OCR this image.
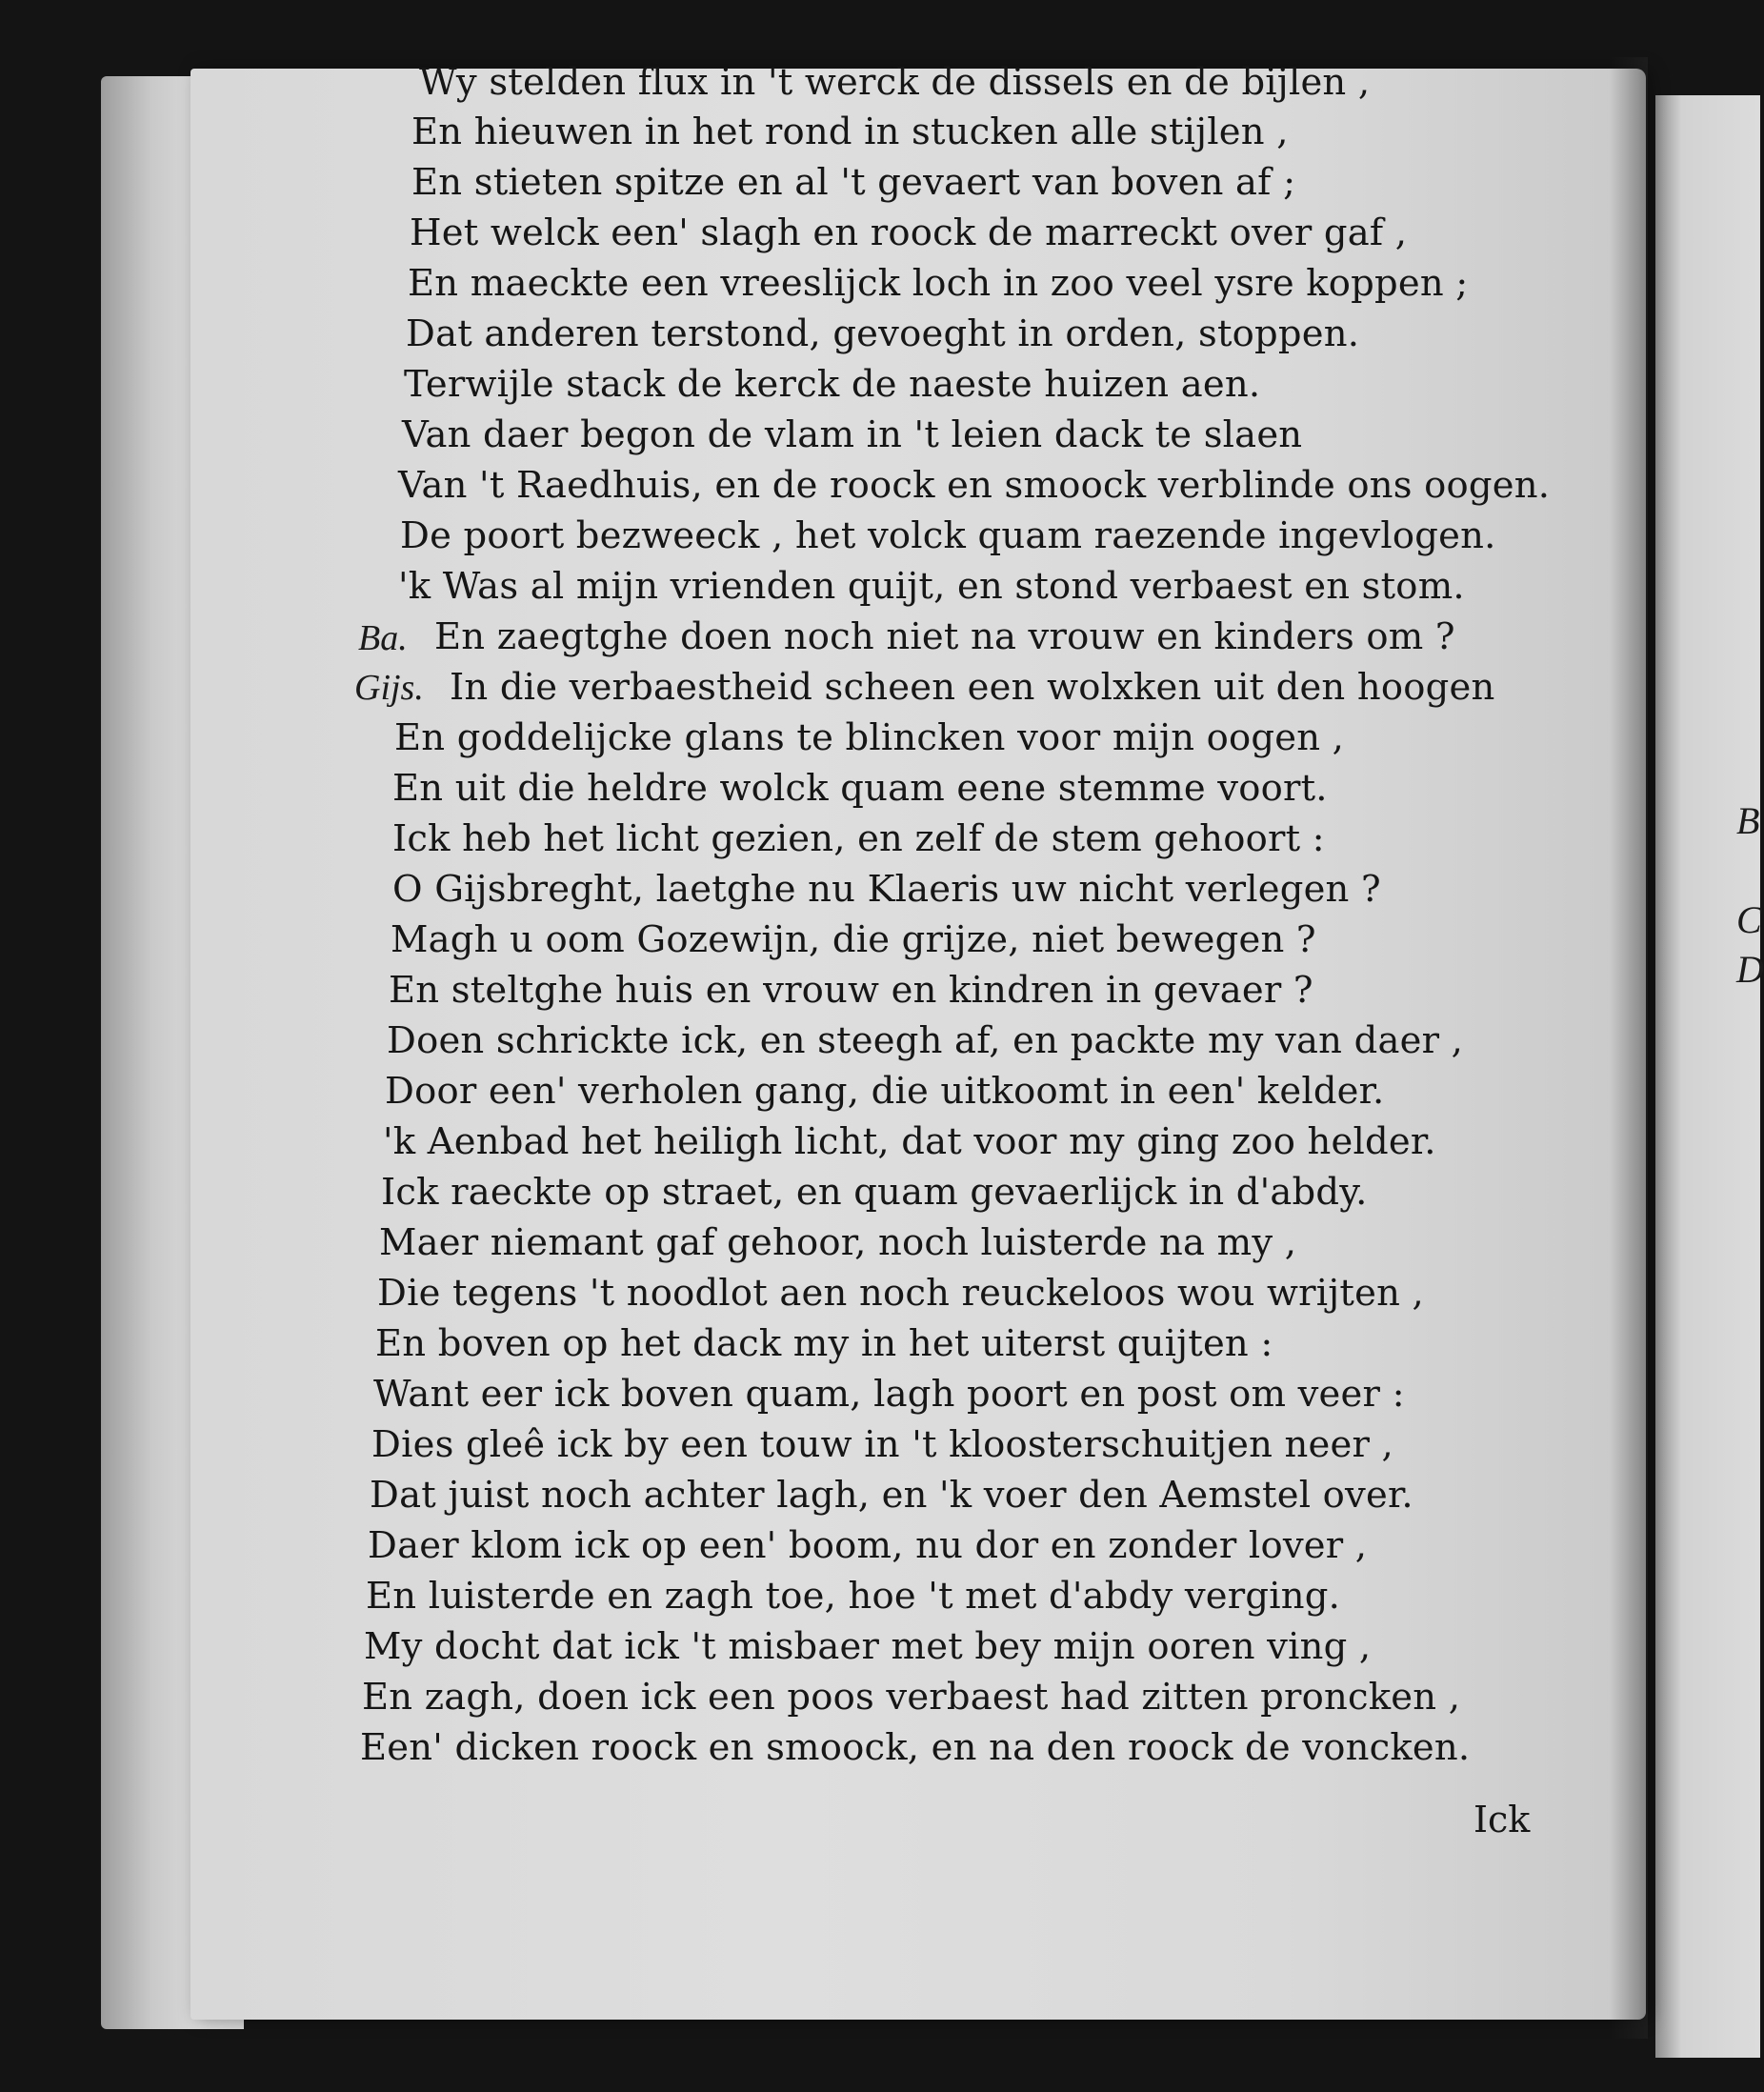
B
C
D
Ba.
Gijs.
Wy stelden flux in 't werck de dissels en de bijlen ,
En hieuwen in het rond in stucken alle stijlen ,
En stieten spitze en al 't gevaert van boven af ;
Het welck een' slagh en roock de marreckt over gaf ,
En maeckte een vreeslijck loch in zoo veel ysre koppen ;
Dat anderen terstond, gevoeght in orden, stoppen.
Terwijle stack de kerck de naeste huizen aen.
Van daer begon de vlam in 't leien dack te slaen
Van 't Raedhuis, en de roock en smoock verblinde ons oogen.
De poort bezweeck , het volck quam raezende ingevlogen.
'k Was al mijn vrienden quijt, en stond verbaest en stom.
En zaegtghe doen noch niet na vrouw en kinders om ?
In die verbaestheid scheen een wolxken uit den hoogen
En goddelijcke glans te blincken voor mijn oogen ,
En uit die heldre wolck quam eene stemme voort.
Ick heb het licht gezien, en zelf de stem gehoort :
O Gijsbreght, laetghe nu Klaeris uw nicht verlegen ?
Magh u oom Gozewijn, die grijze, niet bewegen ?
En steltghe huis en vrouw en kindren in gevaer ?
Doen schrickte ick, en steegh af, en packte my van daer ,
Door een' verholen gang, die uitkoomt in een' kelder.
'k Aenbad het heiligh licht, dat voor my ging zoo helder.
Ick raeckte op straet, en quam gevaerlijck in d'abdy.
Maer niemant gaf gehoor, noch luisterde na my ,
Die tegens 't noodlot aen noch reuckeloos wou wrijten ,
En boven op het dack my in het uiterst quijten :
Want eer ick boven quam, lagh poort en post om veer :
Dies gleê ick by een touw in 't kloosterschuitjen neer ,
Dat juist noch achter lagh, en 'k voer den Aemstel over.
Daer klom ick op een' boom, nu dor en zonder lover ,
En luisterde en zagh toe, hoe 't met d'abdy verging.
My docht dat ick 't misbaer met bey mijn ooren ving ,
En zagh, doen ick een poos verbaest had zitten proncken ,
Een' dicken roock en smoock, en na den roock de voncken.
Ick
